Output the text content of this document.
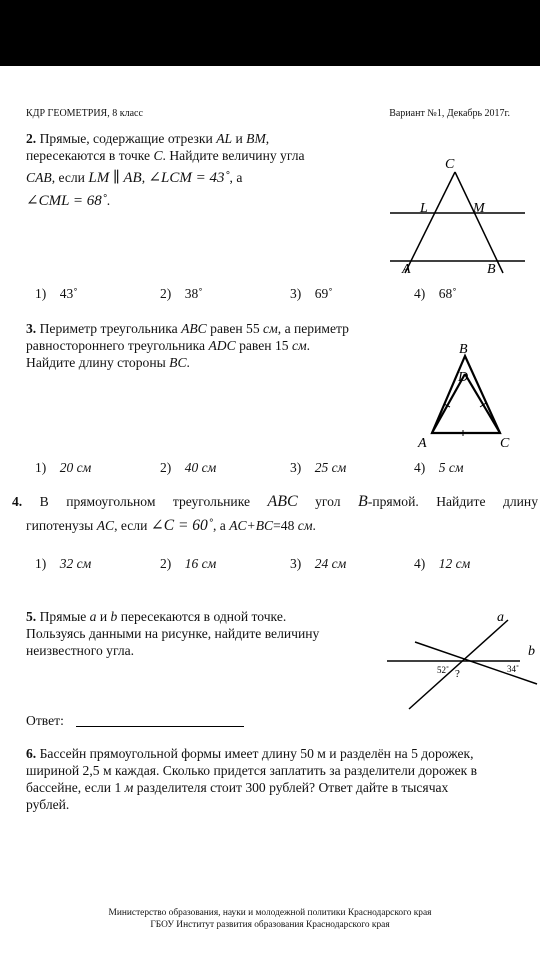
КДР ГЕОМЕТРИЯ, 8 класс	Вариант №1, Декабрь 2017г.
2. Прямые, содержащие отрезки AL и BM,
пересекаются в точке C. Найдите величину угла
CAB, если LM ∥ AB, ∠LCM = 43˚, а
∠CML = 68˚.
C
L	M
A	B
1) 43˚	2) 38˚	3) 69˚	4) 68˚
3. Периметр треугольника ABC равен 55 см, а периметр
равностороннего треугольника ADC равен 15 см.
Найдите длину стороны BC.
B
D
A	C
1) 20 см	2) 40 см	3) 25 см	4) 5 см
4. В прямоугольном треугольнике ABC угол B-прямой. Найдите длину
гипотенузы AC, если ∠C = 60˚, а AC+BC=48 см.
1) 32 см	2) 16 см	3) 24 см	4) 12 см
5. Прямые a и b пересекаются в одной точке.
Пользуясь данными на рисунке, найдите величину
неизвестного угла.
a
b
52˚ ?	34˚
Ответ:
6. Бассейн прямоугольной формы имеет длину 50 м и разделён на 5 дорожек,
шириной 2,5 м каждая. Сколько придется заплатить за разделители дорожек в
бассейне, если 1 м разделителя стоит 300 рублей? Ответ дайте в тысячах
рублей.
Министерство образования, науки и молодежной политики Краснодарского края
ГБОУ Институт развития образования Краснодарского края
